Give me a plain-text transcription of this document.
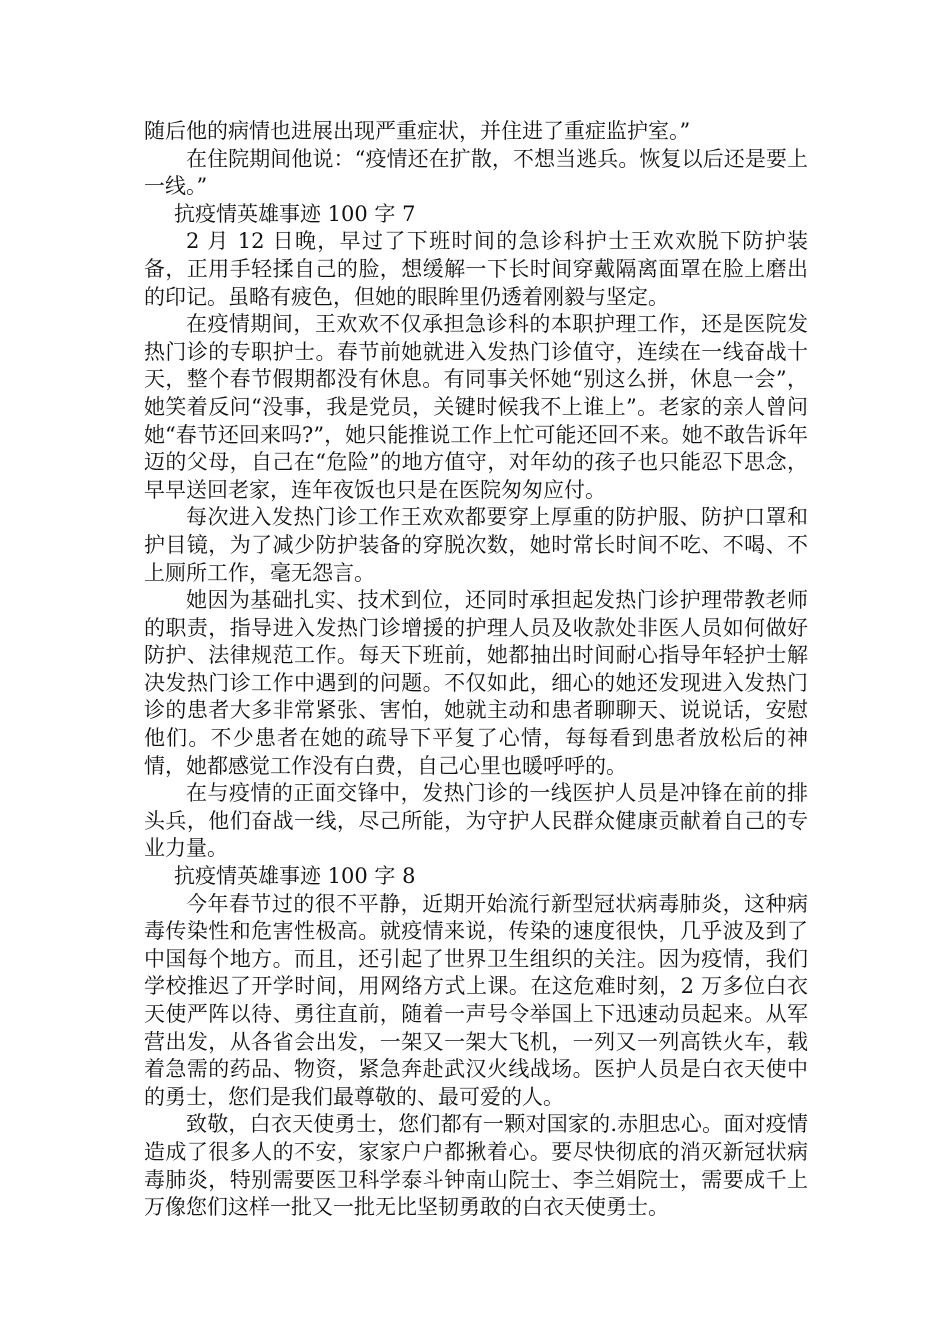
随后他的病情也进展出现严重症状，并住进了重症监护室。”

在住院期间他说：“疫情还在扩散，不想当逃兵。恢复以后还是要上一线。”

抗疫情英雄事迹 100 字 7

2 月 12 日晚，早过了下班时间的急诊科护士王欢欢脱下防护装备，正用手轻揉自己的脸，想缓解一下长时间穿戴隔离面罩在脸上磨出的印记。虽略有疲色，但她的眼眸里仍透着刚毅与坚定。

在疫情期间，王欢欢不仅承担急诊科的本职护理工作，还是医院发热门诊的专职护士。春节前她就进入发热门诊值守，连续在一线奋战十天，整个春节假期都没有休息。有同事关怀她“别这么拼，休息一会”，她笑着反问“没事，我是党员，关键时候我不上谁上”。老家的亲人曾问她“春节还回来吗?”，她只能推说工作上忙可能还回不来。她不敢告诉年迈的父母，自己在“危险”的地方值守，对年幼的孩子也只能忍下思念，早早送回老家，连年夜饭也只是在医院匆匆应付。

每次进入发热门诊工作王欢欢都要穿上厚重的防护服、防护口罩和护目镜，为了减少防护装备的穿脱次数，她时常长时间不吃、不喝、不上厕所工作，毫无怨言。

她因为基础扎实、技术到位，还同时承担起发热门诊护理带教老师的职责，指导进入发热门诊增援的护理人员及收款处非医人员如何做好防护、法律规范工作。每天下班前，她都抽出时间耐心指导年轻护士解决发热门诊工作中遇到的问题。不仅如此，细心的她还发现进入发热门诊的患者大多非常紧张、害怕，她就主动和患者聊聊天、说说话，安慰他们。不少患者在她的疏导下平复了心情，每每看到患者放松后的神情，她都感觉工作没有白费，自己心里也暖呼呼的。

在与疫情的正面交锋中，发热门诊的一线医护人员是冲锋在前的排头兵，他们奋战一线，尽己所能，为守护人民群众健康贡献着自己的专业力量。

抗疫情英雄事迹 100 字 8

今年春节过的很不平静，近期开始流行新型冠状病毒肺炎，这种病毒传染性和危害性极高。就疫情来说，传染的速度很快，几乎波及到了中国每个地方。而且，还引起了世界卫生组织的关注。因为疫情，我们学校推迟了开学时间，用网络方式上课。在这危难时刻，2 万多位白衣天使严阵以待、勇往直前，随着一声号令举国上下迅速动员起来。从军营出发，从各省会出发，一架又一架大飞机，一列又一列高铁火车，载着急需的药品、物资，紧急奔赴武汉火线战场。医护人员是白衣天使中的勇士，您们是我们最尊敬的、最可爱的人。

致敬，白衣天使勇士，您们都有一颗对国家的.赤胆忠心。面对疫情造成了很多人的不安，家家户户都揪着心。要尽快彻底的消灭新冠状病毒肺炎，特别需要医卫科学泰斗钟南山院士、李兰娟院士，需要成千上万像您们这样一批又一批无比坚韧勇敢的白衣天使勇士。
